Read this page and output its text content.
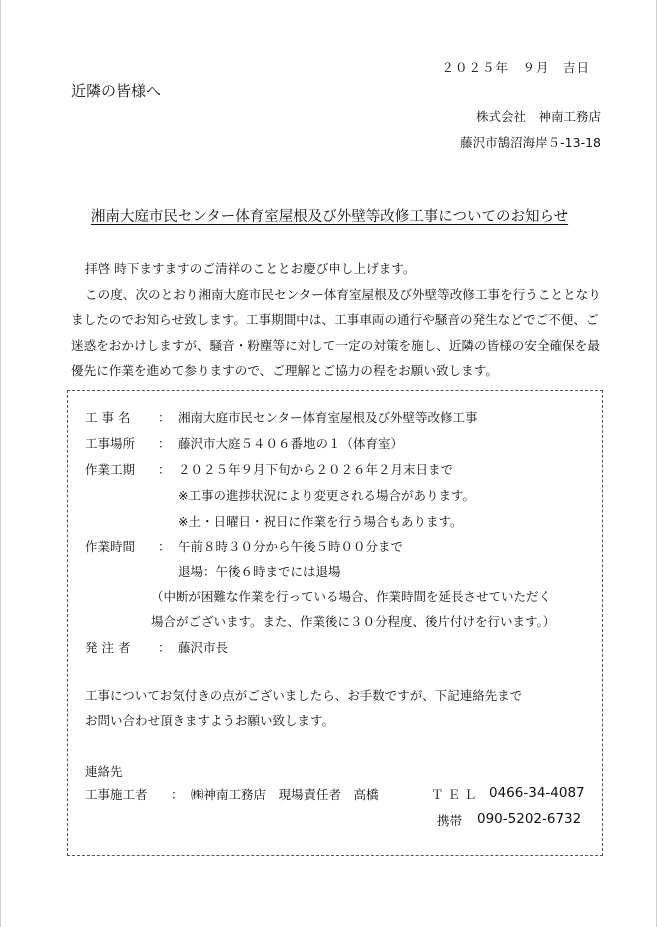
２０２５年　９月　吉日
近隣の皆様へ
株式会社　神南工務店
藤沢市鵠沼海岸５-13-18
湘南大庭市民センター体育室屋根及び外壁等改修工事についてのお知らせ

拝啓 時下ますますのご清祥のこととお慶び申し上げます。

この度、次のとおり湘南大庭市民センター体育室屋根及び外壁等改修工事を行うこととなりましたのでお知らせ致します。工事期間中は、工事車両の通行や騒音の発生などでご不便、ご迷惑をおかけしますが、騒音・粉塵等に対して一定の対策を施し、近隣の皆様の安全確保を最優先に作業を進めて参りますので、ご理解とご協力の程をお願い致します。

工 事 名	： 湘南大庭市民センター体育室屋根及び外壁等改修工事
工事場所	： 藤沢市大庭５４０６番地の１（体育室）
作業工期	： ２０２５年９月下旬から２０２６年２月末日まで
※工事の進捗状況により変更される場合があります。
※土・日曜日・祝日に作業を行う場合もあります。
作業時間	： 午前８時３０分から午後５時００分まで
退場：午後６時までには退場
（中断が困難な作業を行っている場合、作業時間を延長させていただく
場合がございます。また、作業後に３０分程度、後片付けを行います。）
発 注 者	： 藤沢市長

工事についてお気付きの点がございましたら、お手数ですが、下記連絡先まで

お問い合わせ頂きますようお願い致します。

連絡先
工事施工者 ： ㈱神南工務店　現場責任者　高橋	ＴＥＬ 0466-34-4087
携帯 090-5202-6732
